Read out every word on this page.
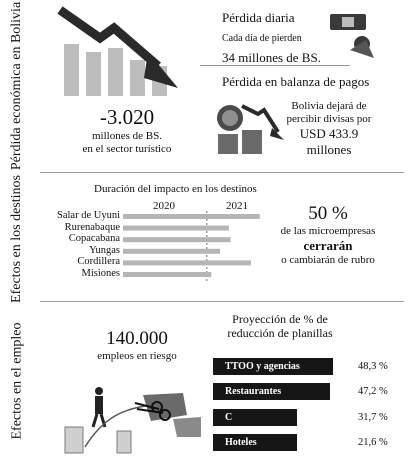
Pérdida económica en Bolivia
Efectos en los destinos
Efectos en el empleo
-3.020
millones de BS.
en el sector turístico
Pérdida diaria
Cada día de pierden
34 millones de BS.
Pérdida en balanza de pagos
Bolivia dejará de
percibir divisas por
USD 433.9
millones
Duración del impacto en los destinos
2020	2021
Salar de Uyuni
Rurenabaque
Copacabana
Yungas
Cordillera
Misiones
50 %
de las microempresas
cerrarán
o cambiarán de rubro
140.000
empleos en riesgo
Proyección de % de reducción de planillas
TTOO y agencias	48,3 %
Restaurantes	47,2 %
C	31,7 %
Hoteles	21,6 %
